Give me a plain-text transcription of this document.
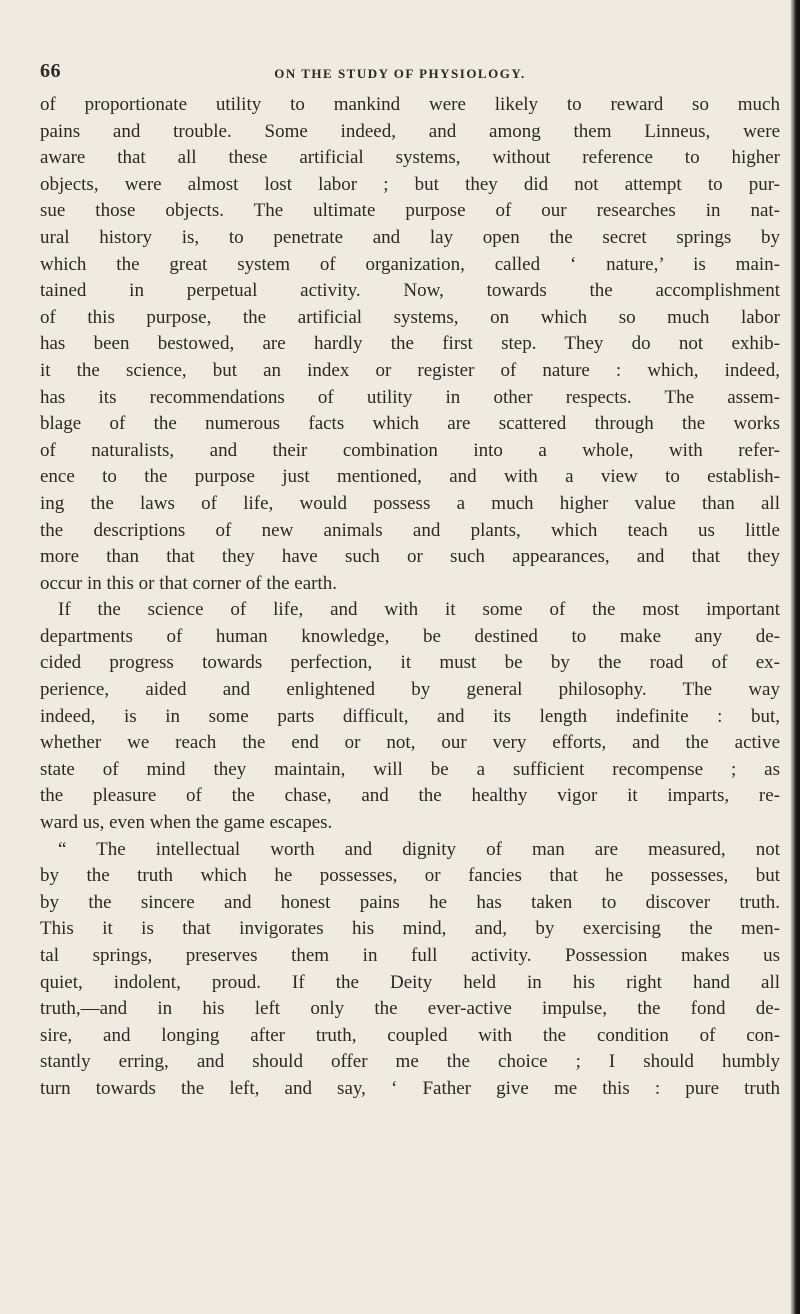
66	ON THE STUDY OF PHYSIOLOGY.
of proportionate utility to mankind were likely to reward so much
pains and trouble. Some indeed, and among them Linneus, were
aware that all these artificial systems, without reference to higher
objects, were almost lost labor ; but they did not attempt to pur-
sue those objects. The ultimate purpose of our researches in nat-
ural history is, to penetrate and lay open the secret springs by
which the great system of organization, called ‘ nature,’ is main-
tained in perpetual activity. Now, towards the accomplishment
of this purpose, the artificial systems, on which so much labor
has been bestowed, are hardly the first step. They do not exhib-
it the science, but an index or register of nature : which, indeed,
has its recommendations of utility in other respects. The assem-
blage of the numerous facts which are scattered through the works
of naturalists, and their combination into a whole, with refer-
ence to the purpose just mentioned, and with a view to establish-
ing the laws of life, would possess a much higher value than all
the descriptions of new animals and plants, which teach us little
more than that they have such or such appearances, and that they
occur in this or that corner of the earth.
If the science of life, and with it some of the most important
departments of human knowledge, be destined to make any de-
cided progress towards perfection, it must be by the road of ex-
perience, aided and enlightened by general philosophy. The way
indeed, is in some parts difficult, and its length indefinite : but,
whether we reach the end or not, our very efforts, and the active
state of mind they maintain, will be a sufficient recompense ; as
the pleasure of the chase, and the healthy vigor it imparts, re-
ward us, even when the game escapes.
“ The intellectual worth and dignity of man are measured, not
by the truth which he possesses, or fancies that he possesses, but
by the sincere and honest pains he has taken to discover truth.
This it is that invigorates his mind, and, by exercising the men-
tal springs, preserves them in full activity. Possession makes us
quiet, indolent, proud. If the Deity held in his right hand all
truth,—and in his left only the ever-active impulse, the fond de-
sire, and longing after truth, coupled with the condition of con-
stantly erring, and should offer me the choice ; I should humbly
turn towards the left, and say, ‘ Father give me this : pure truth
